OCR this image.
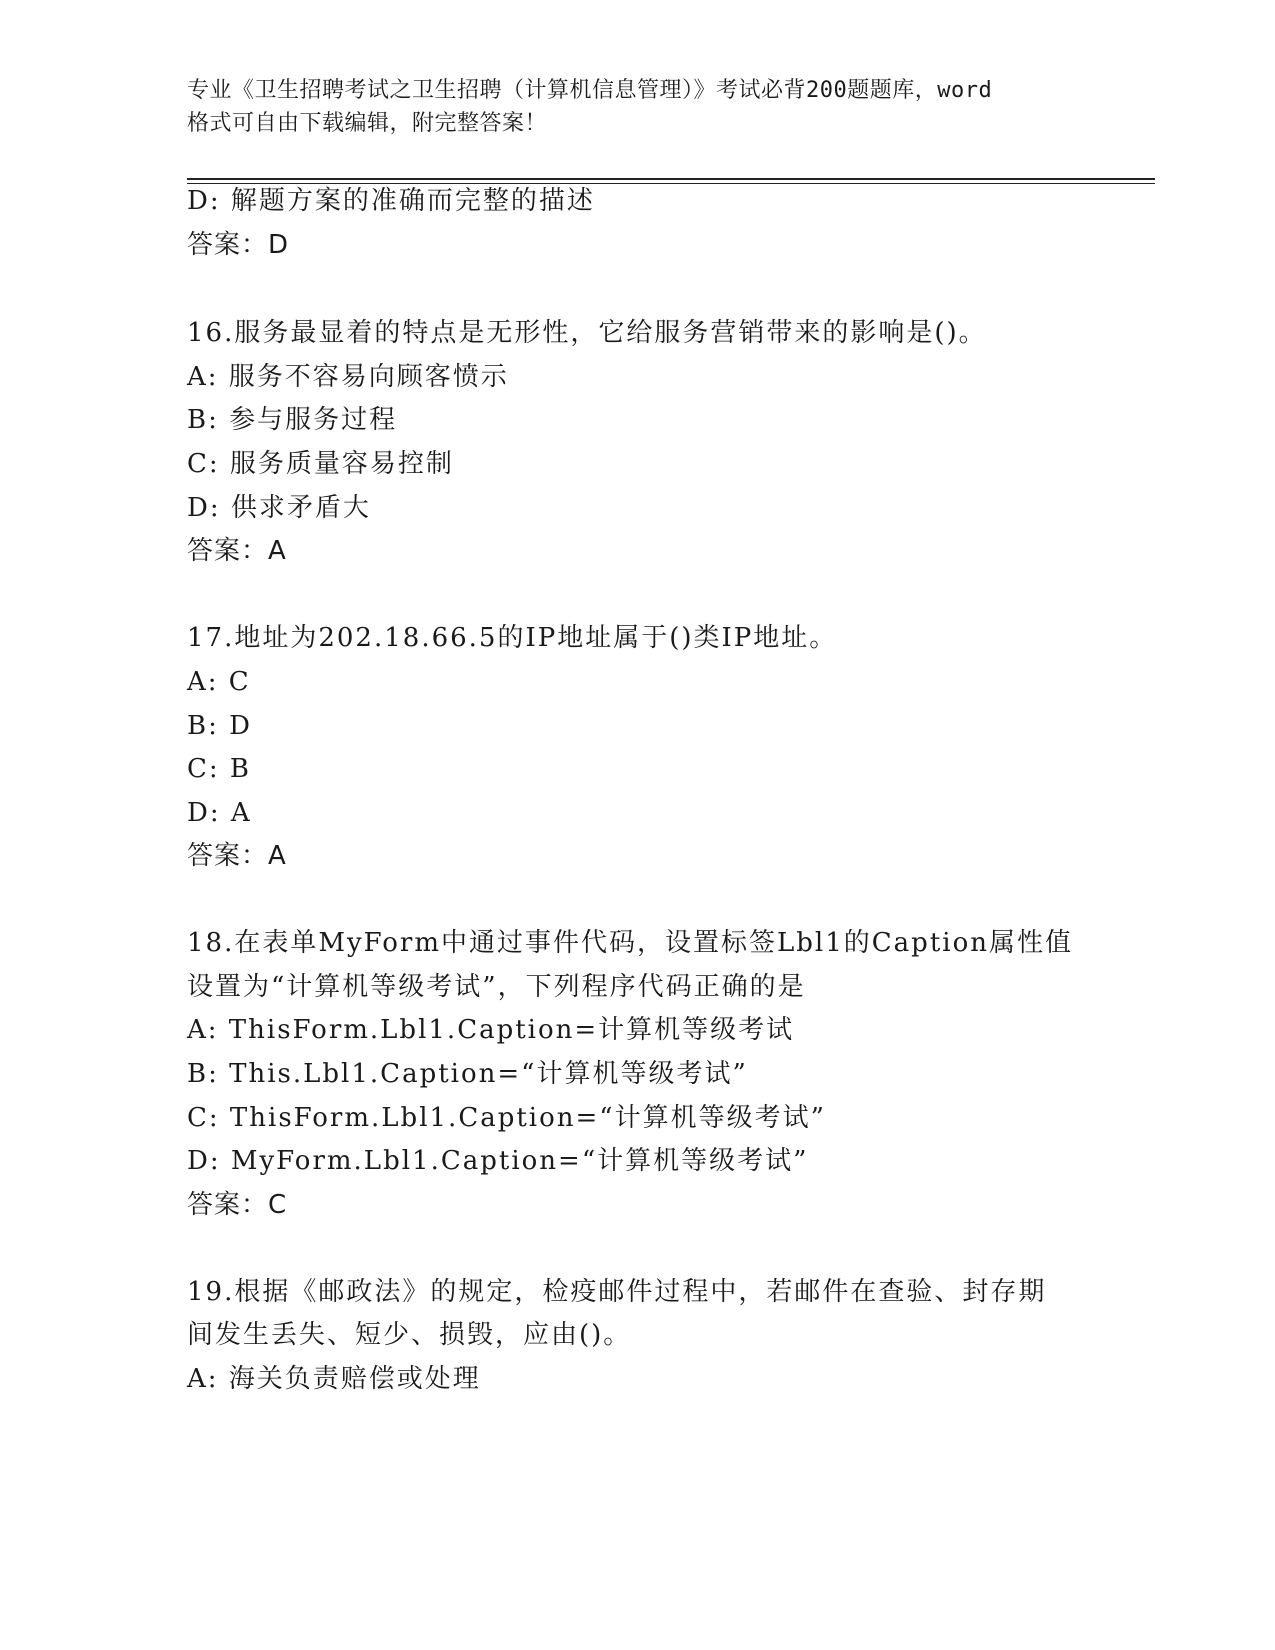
专业《卫生招聘考试之卫生招聘（计算机信息管理）》考试必背200题题库，word
格式可自由下载编辑，附完整答案！
D: 解题方案的准确而完整的描述
答案：D
16.服务最显着的特点是无形性，它给服务营销带来的影响是()。
A: 服务不容易向顾客愤示
B: 参与服务过程
C: 服务质量容易控制
D: 供求矛盾大
答案：A
17.地址为202.18.66.5的IP地址属于()类IP地址。
A: C
B: D
C: B
D: A
答案：A
18.在表单MyForm中通过事件代码，设置标签Lbl1的Caption属性值
设置为“计算机等级考试”，下列程序代码正确的是
A: ThisForm.Lbl1.Caption=计算机等级考试
B: This.Lbl1.Caption=“计算机等级考试”
C: ThisForm.Lbl1.Caption=“计算机等级考试”
D: MyForm.Lbl1.Caption=“计算机等级考试”
答案：C
19.根据《邮政法》的规定，检疫邮件过程中，若邮件在查验、封存期
间发生丢失、短少、损毁，应由()。
A: 海关负责赔偿或处理
